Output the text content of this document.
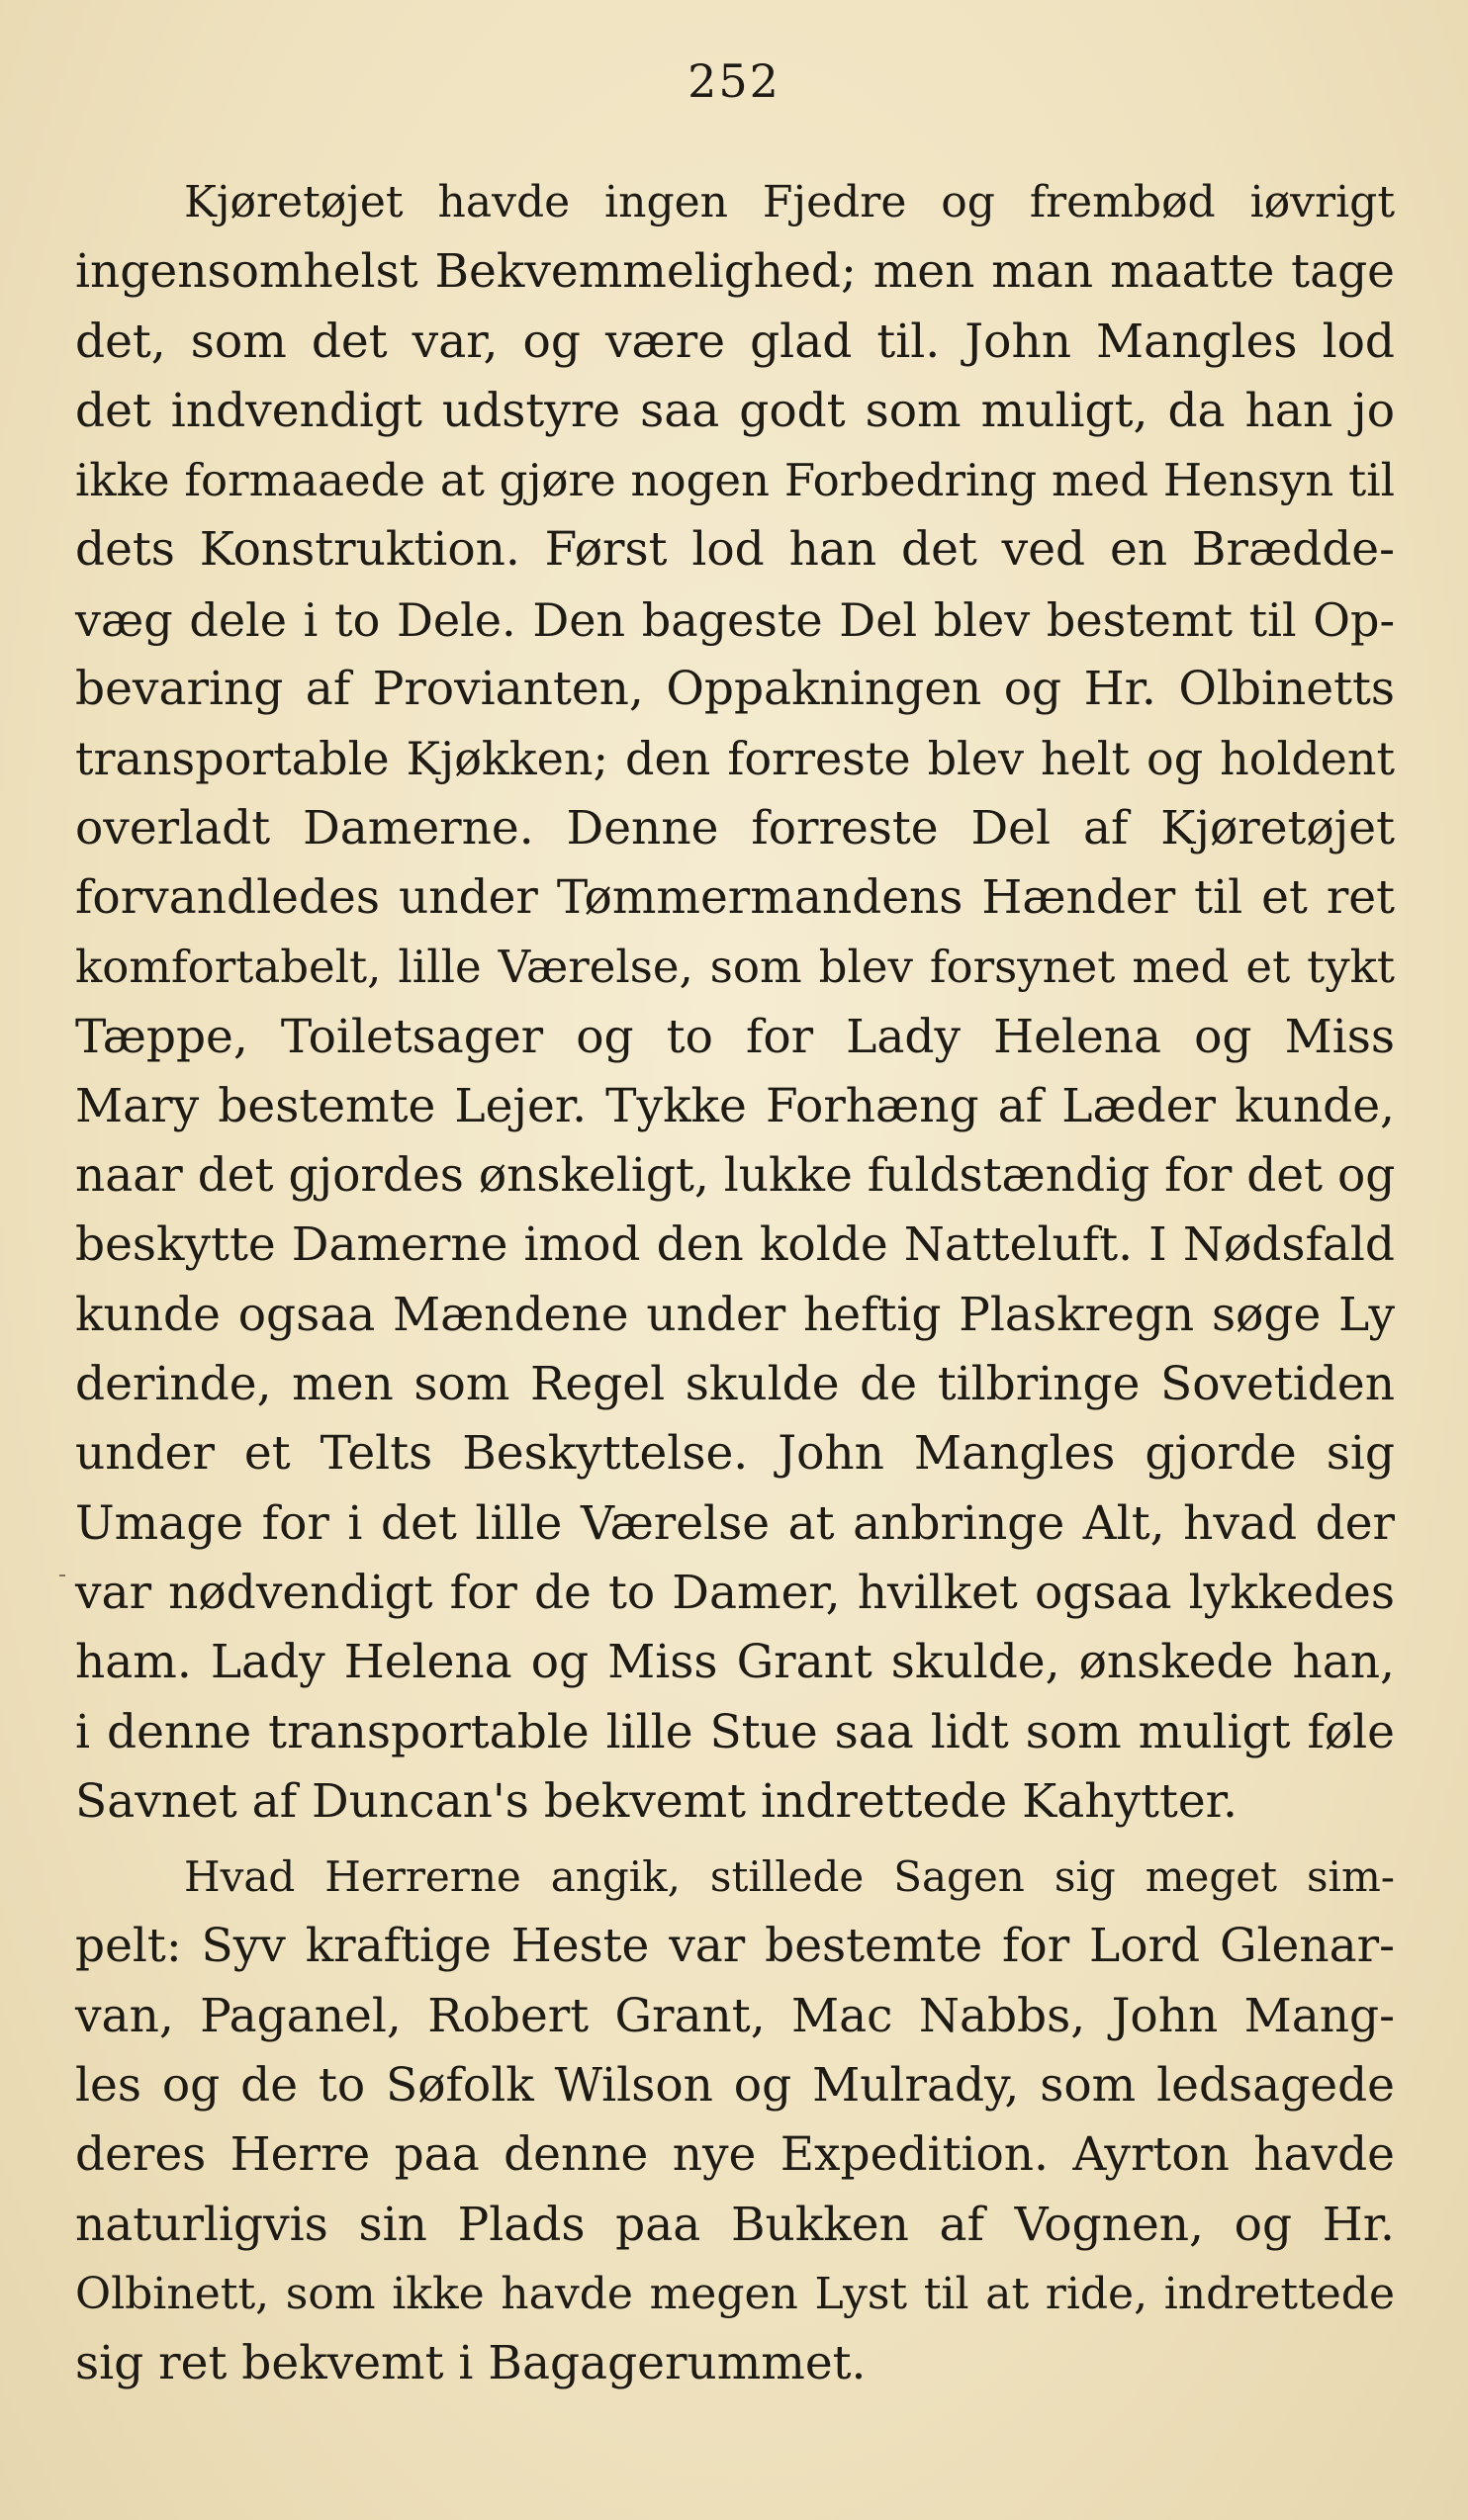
252
Kjøretøjet havde ingen Fjedre og frembød iøvrigt
ingensomhelst Bekvemmelighed; men man maatte tage
det, som det var, og være glad til. John Mangles lod
det indvendigt udstyre saa godt som muligt, da han jo
ikke formaaede at gjøre nogen Forbedring med Hensyn til
dets Konstruktion. Først lod han det ved en Brædde-
væg dele i to Dele. Den bageste Del blev bestemt til Op-
bevaring af Provianten, Oppakningen og Hr. Olbinetts
transportable Kjøkken; den forreste blev helt og holdent
overladt Damerne. Denne forreste Del af Kjøretøjet
forvandledes under Tømmermandens Hænder til et ret
komfortabelt, lille Værelse, som blev forsynet med et tykt
Tæppe, Toiletsager og to for Lady Helena og Miss
Mary bestemte Lejer. Tykke Forhæng af Læder kunde,
naar det gjordes ønskeligt, lukke fuldstændig for det og
beskytte Damerne imod den kolde Natteluft. I Nødsfald
kunde ogsaa Mændene under heftig Plaskregn søge Ly
derinde, men som Regel skulde de tilbringe Sovetiden
under et Telts Beskyttelse. John Mangles gjorde sig
Umage for i det lille Værelse at anbringe Alt, hvad der
var nødvendigt for de to Damer, hvilket ogsaa lykkedes
ham. Lady Helena og Miss Grant skulde, ønskede han,
i denne transportable lille Stue saa lidt som muligt føle
Savnet af Duncan's bekvemt indrettede Kahytter.
Hvad Herrerne angik, stillede Sagen sig meget sim-
pelt: Syv kraftige Heste var bestemte for Lord Glenar-
van, Paganel, Robert Grant, Mac Nabbs, John Mang-
les og de to Søfolk Wilson og Mulrady, som ledsagede
deres Herre paa denne nye Expedition. Ayrton havde
naturligvis sin Plads paa Bukken af Vognen, og Hr.
Olbinett, som ikke havde megen Lyst til at ride, indrettede
sig ret bekvemt i Bagagerummet.
